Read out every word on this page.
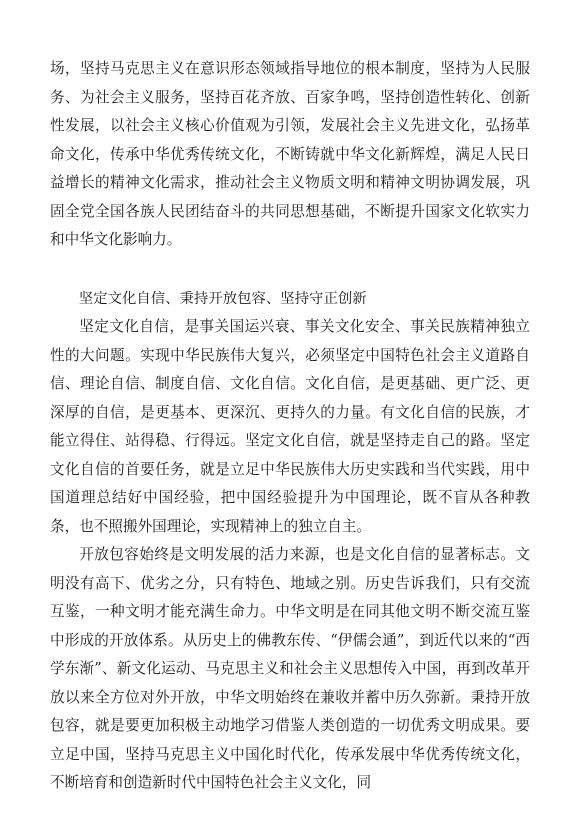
场，坚持马克思主义在意识形态领域指导地位的根本制度，坚持为人民服务、为社会主义服务，坚持百花齐放、百家争鸣，坚持创造性转化、创新性发展，以社会主义核心价值观为引领，发展社会主义先进文化，弘扬革命文化，传承中华优秀传统文化，不断铸就中华文化新辉煌，满足人民日益增长的精神文化需求，推动社会主义物质文明和精神文明协调发展，巩固全党全国各族人民团结奋斗的共同思想基础，不断提升国家文化软实力和中华文化影响力。

坚定文化自信、秉持开放包容、坚持守正创新

坚定文化自信，是事关国运兴衰、事关文化安全、事关民族精神独立性的大问题。实现中华民族伟大复兴，必须坚定中国特色社会主义道路自信、理论自信、制度自信、文化自信。文化自信，是更基础、更广泛、更深厚的自信，是更基本、更深沉、更持久的力量。有文化自信的民族，才能立得住、站得稳、行得远。坚定文化自信，就是坚持走自己的路。坚定文化自信的首要任务，就是立足中华民族伟大历史实践和当代实践，用中国道理总结好中国经验，把中国经验提升为中国理论，既不盲从各种教条，也不照搬外国理论，实现精神上的独立自主。

开放包容始终是文明发展的活力来源，也是文化自信的显著标志。文明没有高下、优劣之分，只有特色、地域之别。历史告诉我们，只有交流互鉴，一种文明才能充满生命力。中华文明是在同其他文明不断交流互鉴中形成的开放体系。从历史上的佛教东传、“伊儒会通”，到近代以来的“西学东渐”、新文化运动、马克思主义和社会主义思想传入中国，再到改革开放以来全方位对外开放，中华文明始终在兼收并蓄中历久弥新。秉持开放包容，就是要更加积极主动地学习借鉴人类创造的一切优秀文明成果。要立足中国，坚持马克思主义中国化时代化，传承发展中华优秀传统文化，不断培育和创造新时代中国特色社会主义文化，同
